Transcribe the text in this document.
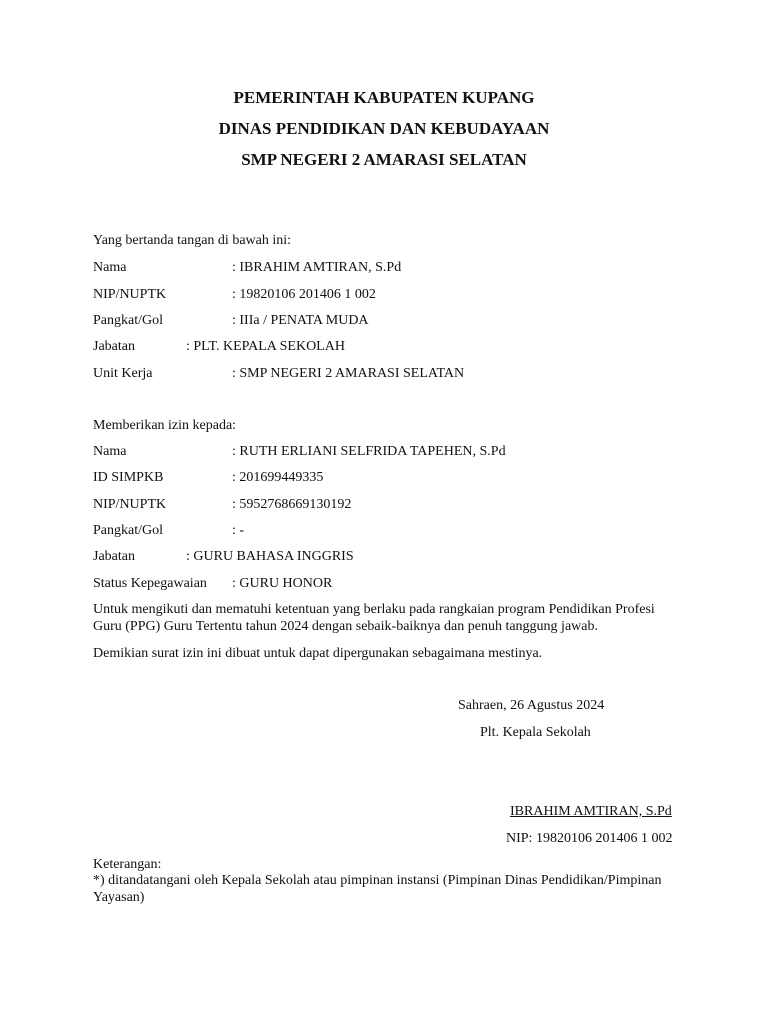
PEMERINTAH KABUPATEN KUPANG
DINAS PENDIDIKAN DAN KEBUDAYAAN
SMP NEGERI 2 AMARASI SELATAN
Yang bertanda tangan di bawah ini:
Nama	: IBRAHIM AMTIRAN, S.Pd
NIP/NUPTK	: 19820106 201406 1 002
Pangkat/Gol	: IIIa / PENATA MUDA
Jabatan	: PLT. KEPALA SEKOLAH
Unit Kerja	: SMP NEGERI 2 AMARASI SELATAN
Memberikan izin kepada:
Nama	: RUTH ERLIANI SELFRIDA TAPEHEN, S.Pd
ID SIMPKB	: 201699449335
NIP/NUPTK	: 5952768669130192
Pangkat/Gol	: -
Jabatan	: GURU BAHASA INGGRIS
Status Kepegawaian : GURU HONOR
Untuk mengikuti dan mematuhi ketentuan yang berlaku pada rangkaian program Pendidikan Profesi Guru (PPG) Guru Tertentu tahun 2024 dengan sebaik-baiknya dan penuh tanggung jawab.
Demikian surat izin ini dibuat untuk dapat dipergunakan sebagaimana mestinya.
Sahraen, 26 Agustus 2024
Plt. Kepala Sekolah
IBRAHIM AMTIRAN, S.Pd
NIP: 19820106 201406 1 002
Keterangan:
*) ditandatangani oleh Kepala Sekolah atau pimpinan instansi (Pimpinan Dinas Pendidikan/Pimpinan Yayasan)
